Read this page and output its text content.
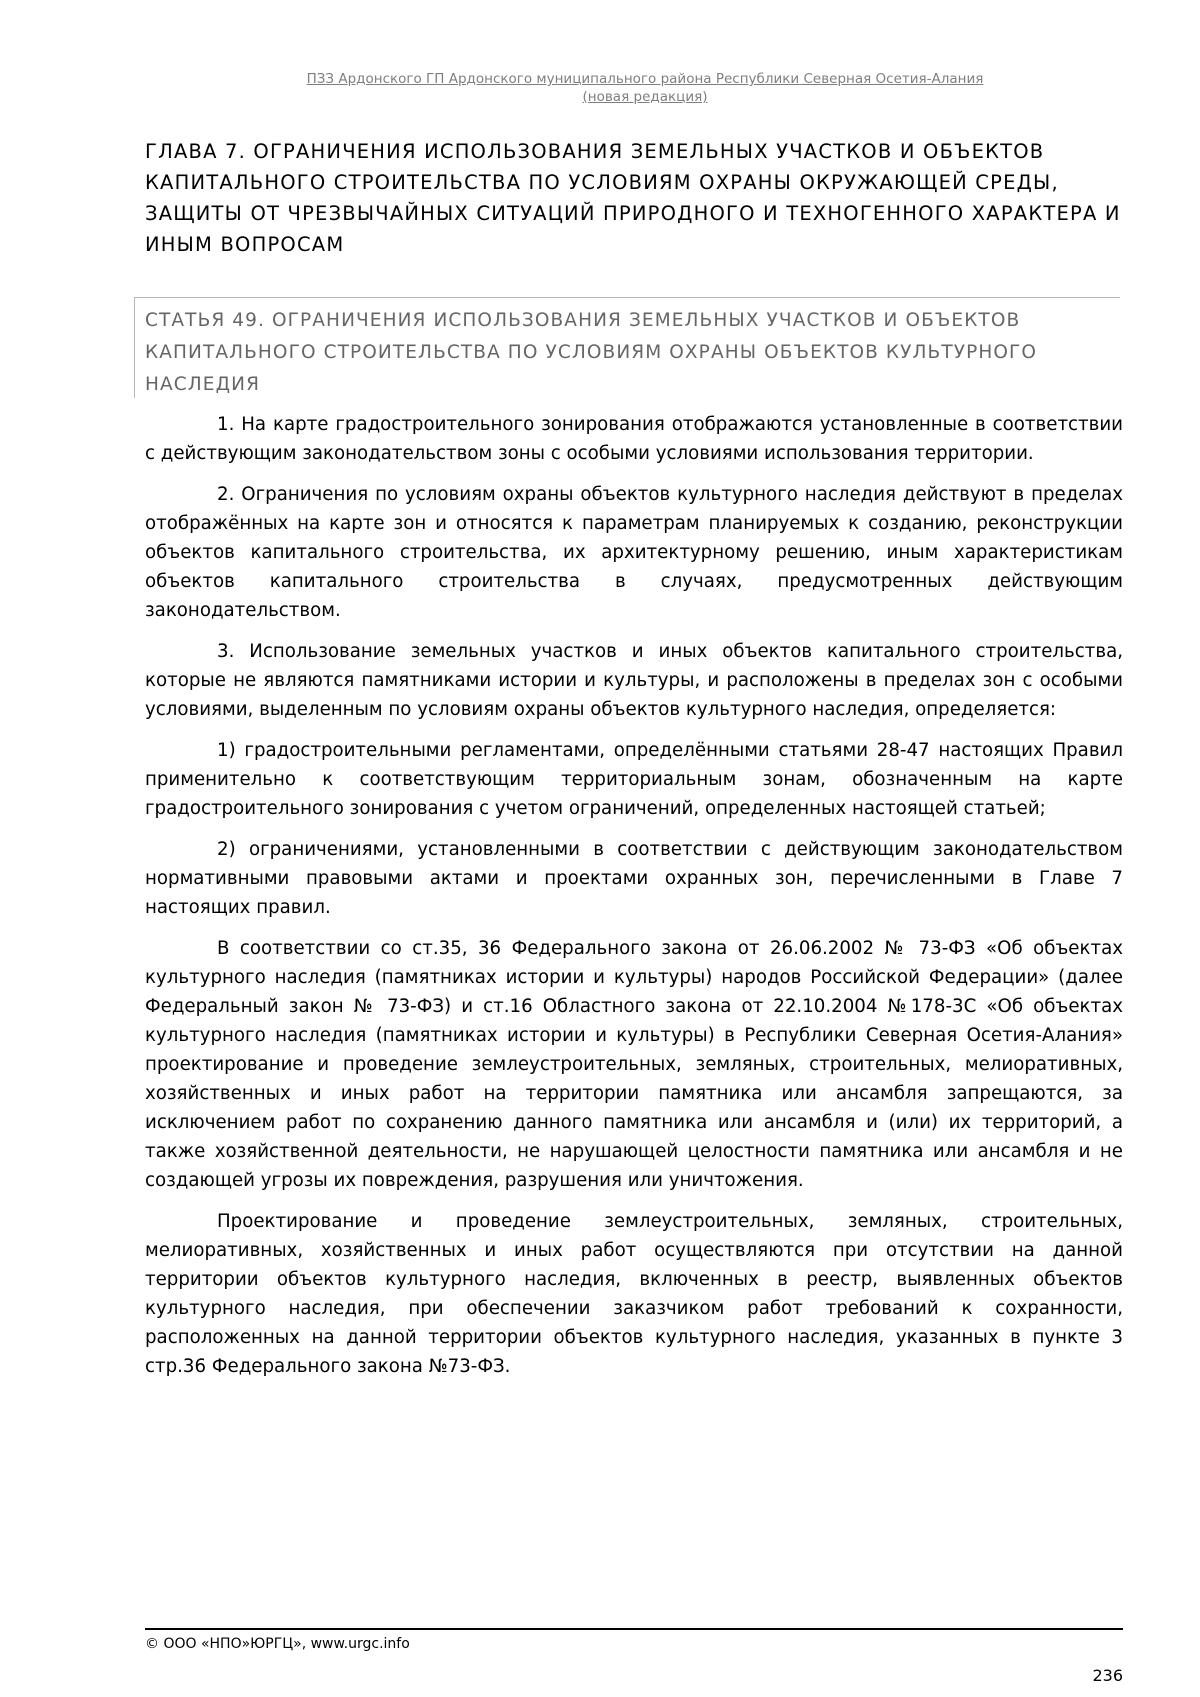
ПЗЗ Ардонского ГП Ардонского муниципального района Республики Северная Осетия-Алания
(новая редакция)
ГЛАВА 7. ОГРАНИЧЕНИЯ ИСПОЛЬЗОВАНИЯ ЗЕМЕЛЬНЫХ УЧАСТКОВ И ОБЪЕКТОВ КАПИТАЛЬНОГО СТРОИТЕЛЬСТВА ПО УСЛОВИЯМ ОХРАНЫ ОКРУЖАЮЩЕЙ СРЕДЫ, ЗАЩИТЫ ОТ ЧРЕЗВЫЧАЙНЫХ СИТУАЦИЙ ПРИРОДНОГО И ТЕХНОГЕННОГО ХАРАКТЕРА И ИНЫМ ВОПРОСАМ
СТАТЬЯ 49. ОГРАНИЧЕНИЯ ИСПОЛЬЗОВАНИЯ ЗЕМЕЛЬНЫХ УЧАСТКОВ И ОБЪЕКТОВ КАПИТАЛЬНОГО СТРОИТЕЛЬСТВА ПО УСЛОВИЯМ ОХРАНЫ ОБЪЕКТОВ КУЛЬТУРНОГО НАСЛЕДИЯ

1. На карте градостроительного зонирования отображаются установленные в соответствии с действующим законодательством зоны с особыми условиями использования территории.

2. Ограничения по условиям охраны объектов культурного наследия действуют в пределах отображённых на карте зон и относятся к параметрам планируемых к созданию, реконструкции объектов капитального строительства, их архитектурному решению, иным характеристикам объектов капитального строительства в случаях, предусмотренных действующим законодательством.

3. Использование земельных участков и иных объектов капитального строительства, которые не являются памятниками истории и культуры, и расположены в пределах зон с особыми условиями, выделенным по условиям охраны объектов культурного наследия, определяется:

1) градостроительными регламентами, определёнными статьями 28-47 настоящих Правил применительно к соответствующим территориальным зонам, обозначенным на карте градостроительного зонирования с учетом ограничений, определенных настоящей статьей;

2) ограничениями, установленными в соответствии с действующим законодательством нормативными правовыми актами и проектами охранных зон, перечисленными в Главе 7 настоящих правил.

В соответствии со ст.35, 36 Федерального закона от 26.06.2002 № 73-ФЗ «Об объектах культурного наследия (памятниках истории и культуры) народов Российской Федерации» (далее Федеральный закон № 73-ФЗ) и ст.16 Областного закона от 22.10.2004 №178-3С «Об объектах культурного наследия (памятниках истории и культуры) в Республики Северная Осетия-Алания» проектирование и проведение землеустроительных, земляных, строительных, мелиоративных, хозяйственных и иных работ на территории памятника или ансамбля запрещаются, за исключением работ по сохранению данного памятника или ансамбля и (или) их территорий, а также хозяйственной деятельности, не нарушающей целостности памятника или ансамбля и не создающей угрозы их повреждения, разрушения или уничтожения.

Проектирование и проведение землеустроительных, земляных, строительных, мелиоративных, хозяйственных и иных работ осуществляются при отсутствии на данной территории объектов культурного наследия, включенных в реестр, выявленных объектов культурного наследия, при обеспечении заказчиком работ требований к сохранности, расположенных на данной территории объектов культурного наследия, указанных в пункте 3 стр.36 Федерального закона №73-ФЗ.

© ООО «НПО»ЮРГЦ», www.urgc.info
236
